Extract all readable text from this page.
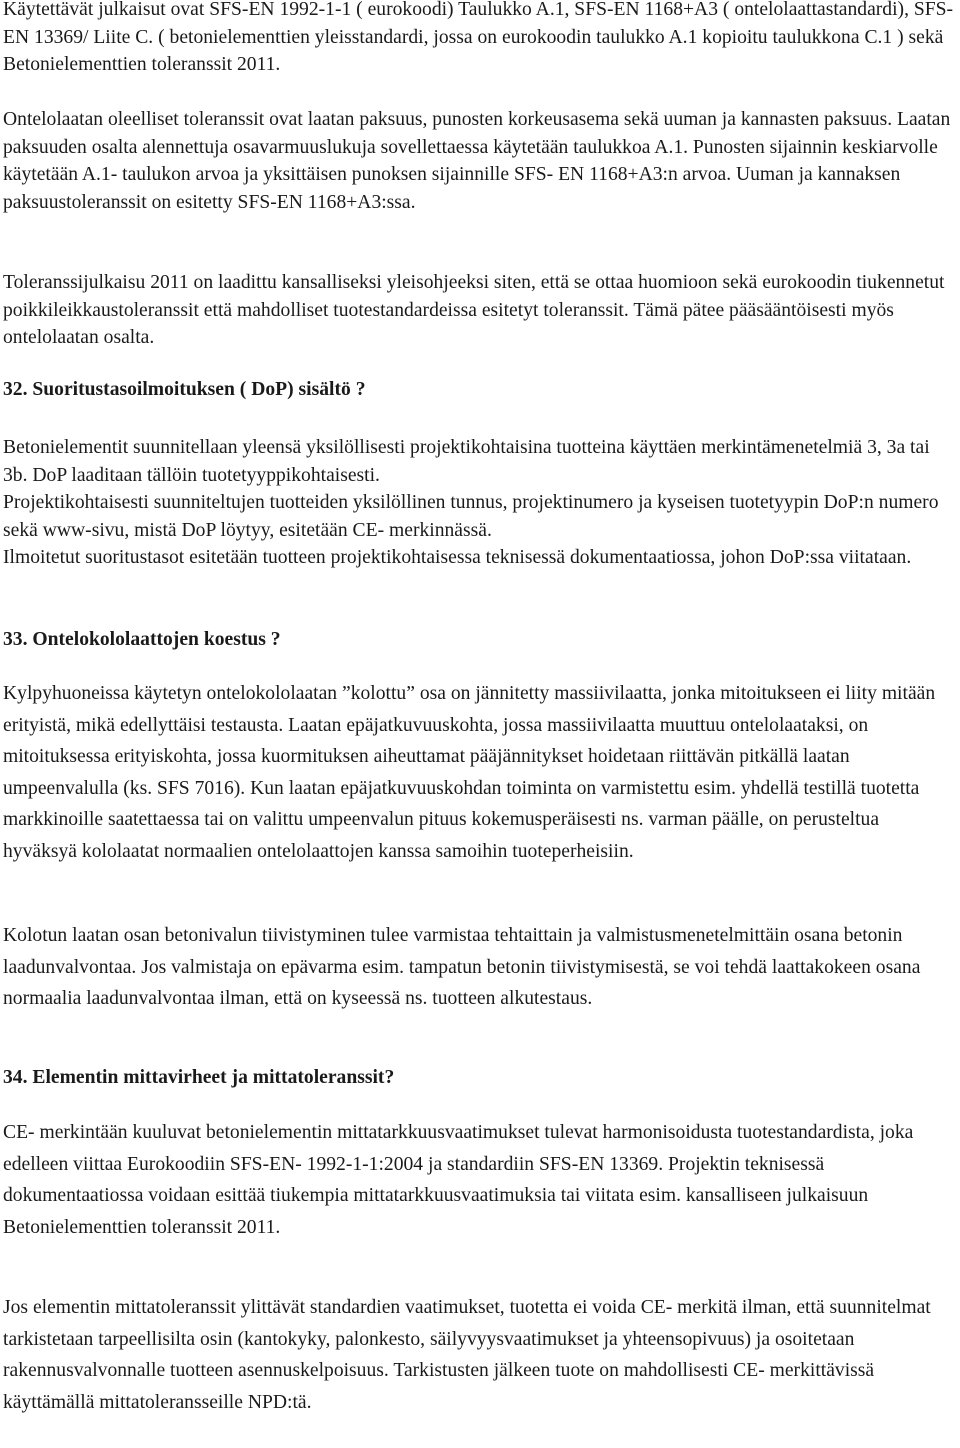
Käytettävät julkaisut ovat SFS-EN 1992-1-1 ( eurokoodi) Taulukko A.1, SFS-EN 1168+A3 ( ontelolaattastandardi), SFS-EN 13369/ Liite C. ( betonielementtien yleisstandardi, jossa on eurokoodin taulukko A.1 kopioitu taulukkona C.1 ) sekä Betonielementtien toleranssit 2011.

Ontelolaatan oleelliset toleranssit ovat laatan paksuus, punosten korkeusasema sekä uuman ja kannasten paksuus. Laatan paksuuden osalta alennettuja osavarmuuslukuja sovellettaessa käytetään taulukkoa A.1. Punosten sijainnin keskiarvolle käytetään A.1- taulukon arvoa ja yksittäisen punoksen sijainnille SFS- EN 1168+A3:n arvoa. Uuman ja kannaksen paksuustoleranssit on esitetty SFS-EN 1168+A3:ssa.

Toleranssijulkaisu 2011 on laadittu kansalliseksi yleisohjeeksi siten, että se ottaa huomioon sekä eurokoodin tiukennetut poikkileikkaustoleranssit että mahdolliset tuotestandardeissa esitetyt toleranssit. Tämä pätee pääsääntöisesti myös ontelolaatan osalta.

32. Suoritustasoilmoituksen ( DoP) sisältö ?

Betonielementit suunnitellaan yleensä yksilöllisesti projektikohtaisina tuotteina käyttäen merkintämenetelmiä 3, 3a tai 3b. DoP laaditaan tällöin tuotetyyppikohtaisesti.

Projektikohtaisesti suunniteltujen tuotteiden yksilöllinen tunnus, projektinumero ja kyseisen tuotetyypin DoP:n numero sekä www-sivu, mistä DoP löytyy, esitetään CE- merkinnässä.

Ilmoitetut suoritustasot esitetään tuotteen projektikohtaisessa teknisessä dokumentaatiossa, johon DoP:ssa viitataan.

33. Ontelokololaattojen koestus ?

Kylpyhuoneissa käytetyn ontelokololaatan ”kolottu” osa on jännitetty massiivilaatta, jonka mitoitukseen ei liity mitään erityistä, mikä edellyttäisi testausta. Laatan epäjatkuvuuskohta, jossa massiivilaatta muuttuu ontelolaataksi, on mitoituksessa erityiskohta, jossa kuormituksen aiheuttamat pääjännitykset hoidetaan riittävän pitkällä laatan umpeenvalulla (ks. SFS 7016). Kun laatan epäjatkuvuuskohdan toiminta on varmistettu esim. yhdellä testillä tuotetta markkinoille saatettaessa tai on valittu umpeenvalun pituus kokemusperäisesti ns. varman päälle, on perusteltua hyväksyä kololaatat normaalien ontelolaattojen kanssa samoihin tuoteperheisiin.

Kolotun laatan osan betonivalun tiivistyminen tulee varmistaa tehtaittain ja valmistusmenetelmittäin osana betonin laadunvalvontaa. Jos valmistaja on epävarma esim. tampatun betonin tiivistymisestä, se voi tehdä laattakokeen osana normaalia laadunvalvontaa ilman, että on kyseessä ns. tuotteen alkutestaus.

34. Elementin mittavirheet ja mittatoleranssit?

CE- merkintään kuuluvat betonielementin mittatarkkuusvaatimukset tulevat harmonisoidusta tuotestandardista, joka edelleen viittaa Eurokoodiin SFS-EN- 1992-1-1:2004 ja standardiin SFS-EN 13369. Projektin teknisessä dokumentaatiossa voidaan esittää tiukempia mittatarkkuusvaatimuksia tai viitata esim. kansalliseen julkaisuun Betonielementtien toleranssit 2011.

Jos elementin mittatoleranssit ylittävät standardien vaatimukset, tuotetta ei voida CE- merkitä ilman, että suunnitelmat tarkistetaan tarpeellisilta osin (kantokyky, palonkesto, säilyvyysvaatimukset ja yhteensopivuus) ja osoitetaan rakennusvalvonnalle tuotteen asennuskelpoisuus. Tarkistusten jälkeen tuote on mahdollisesti CE- merkittävissä käyttämällä mittatoleransseille NPD:tä.
